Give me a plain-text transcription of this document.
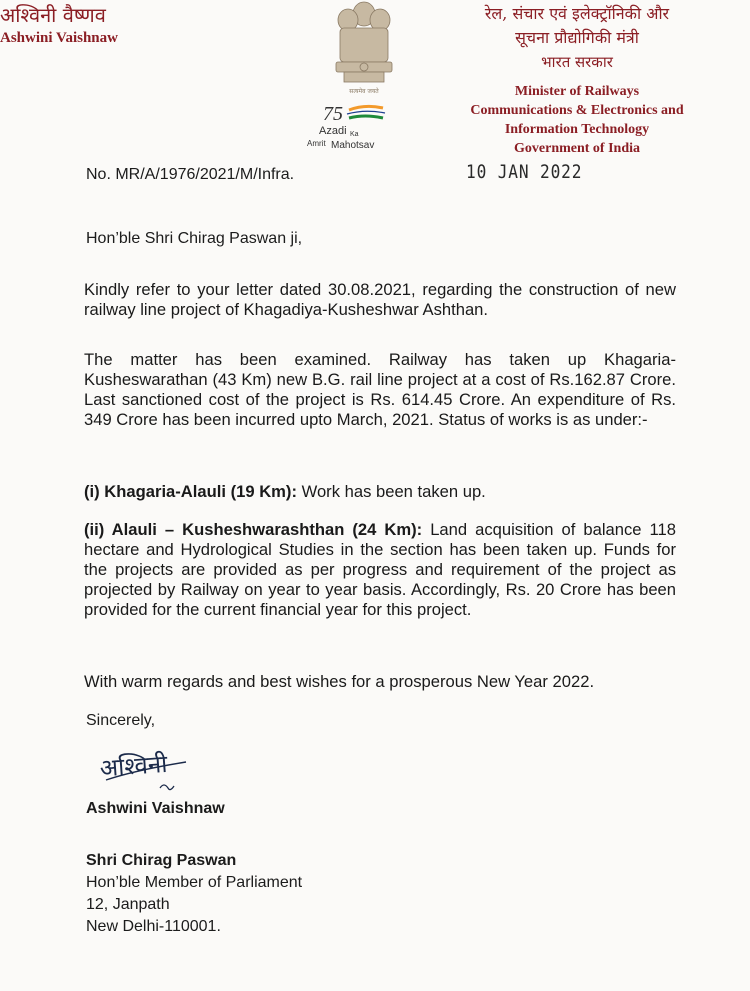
अश्विनी वैष्णव
Ashwini Vaishnaw
सत्यमेव जयते
75
Azadi Ka
Amrit Mahotsav
रेल, संचार एवं इलेक्ट्रॉनिकी और
सूचना प्रौद्योगिकी मंत्री
भारत सरकार
Minister of Railways
Communications & Electronics and
Information Technology
Government of India
No. MR/A/1976/2021/M/Infra.	10 JAN 2022
Hon’ble Shri Chirag Paswan ji,
Kindly refer to your letter dated 30.08.2021, regarding the construction of new railway line project of Khagadiya-Kusheshwar Ashthan.
The matter has been examined. Railway has taken up Khagaria-Kusheswarathan (43 Km) new B.G. rail line project at a cost of Rs.162.87 Crore. Last sanctioned cost of the project is Rs. 614.45 Crore. An expenditure of Rs. 349 Crore has been incurred upto March, 2021. Status of works is as under:-
(i) Khagaria-Alauli (19 Km): Work has been taken up.
(ii) Alauli – Kusheshwarashthan (24 Km): Land acquisition of balance 118 hectare and Hydrological Studies in the section has been taken up. Funds for the projects are provided as per progress and requirement of the project as projected by Railway on year to year basis. Accordingly, Rs. 20 Crore has been provided for the current financial year for this project.
With warm regards and best wishes for a prosperous New Year 2022.
Sincerely,
अश्विनी
Ashwini Vaishnaw
Shri Chirag Paswan
Hon’ble Member of Parliament
12, Janpath
New Delhi-110001.
